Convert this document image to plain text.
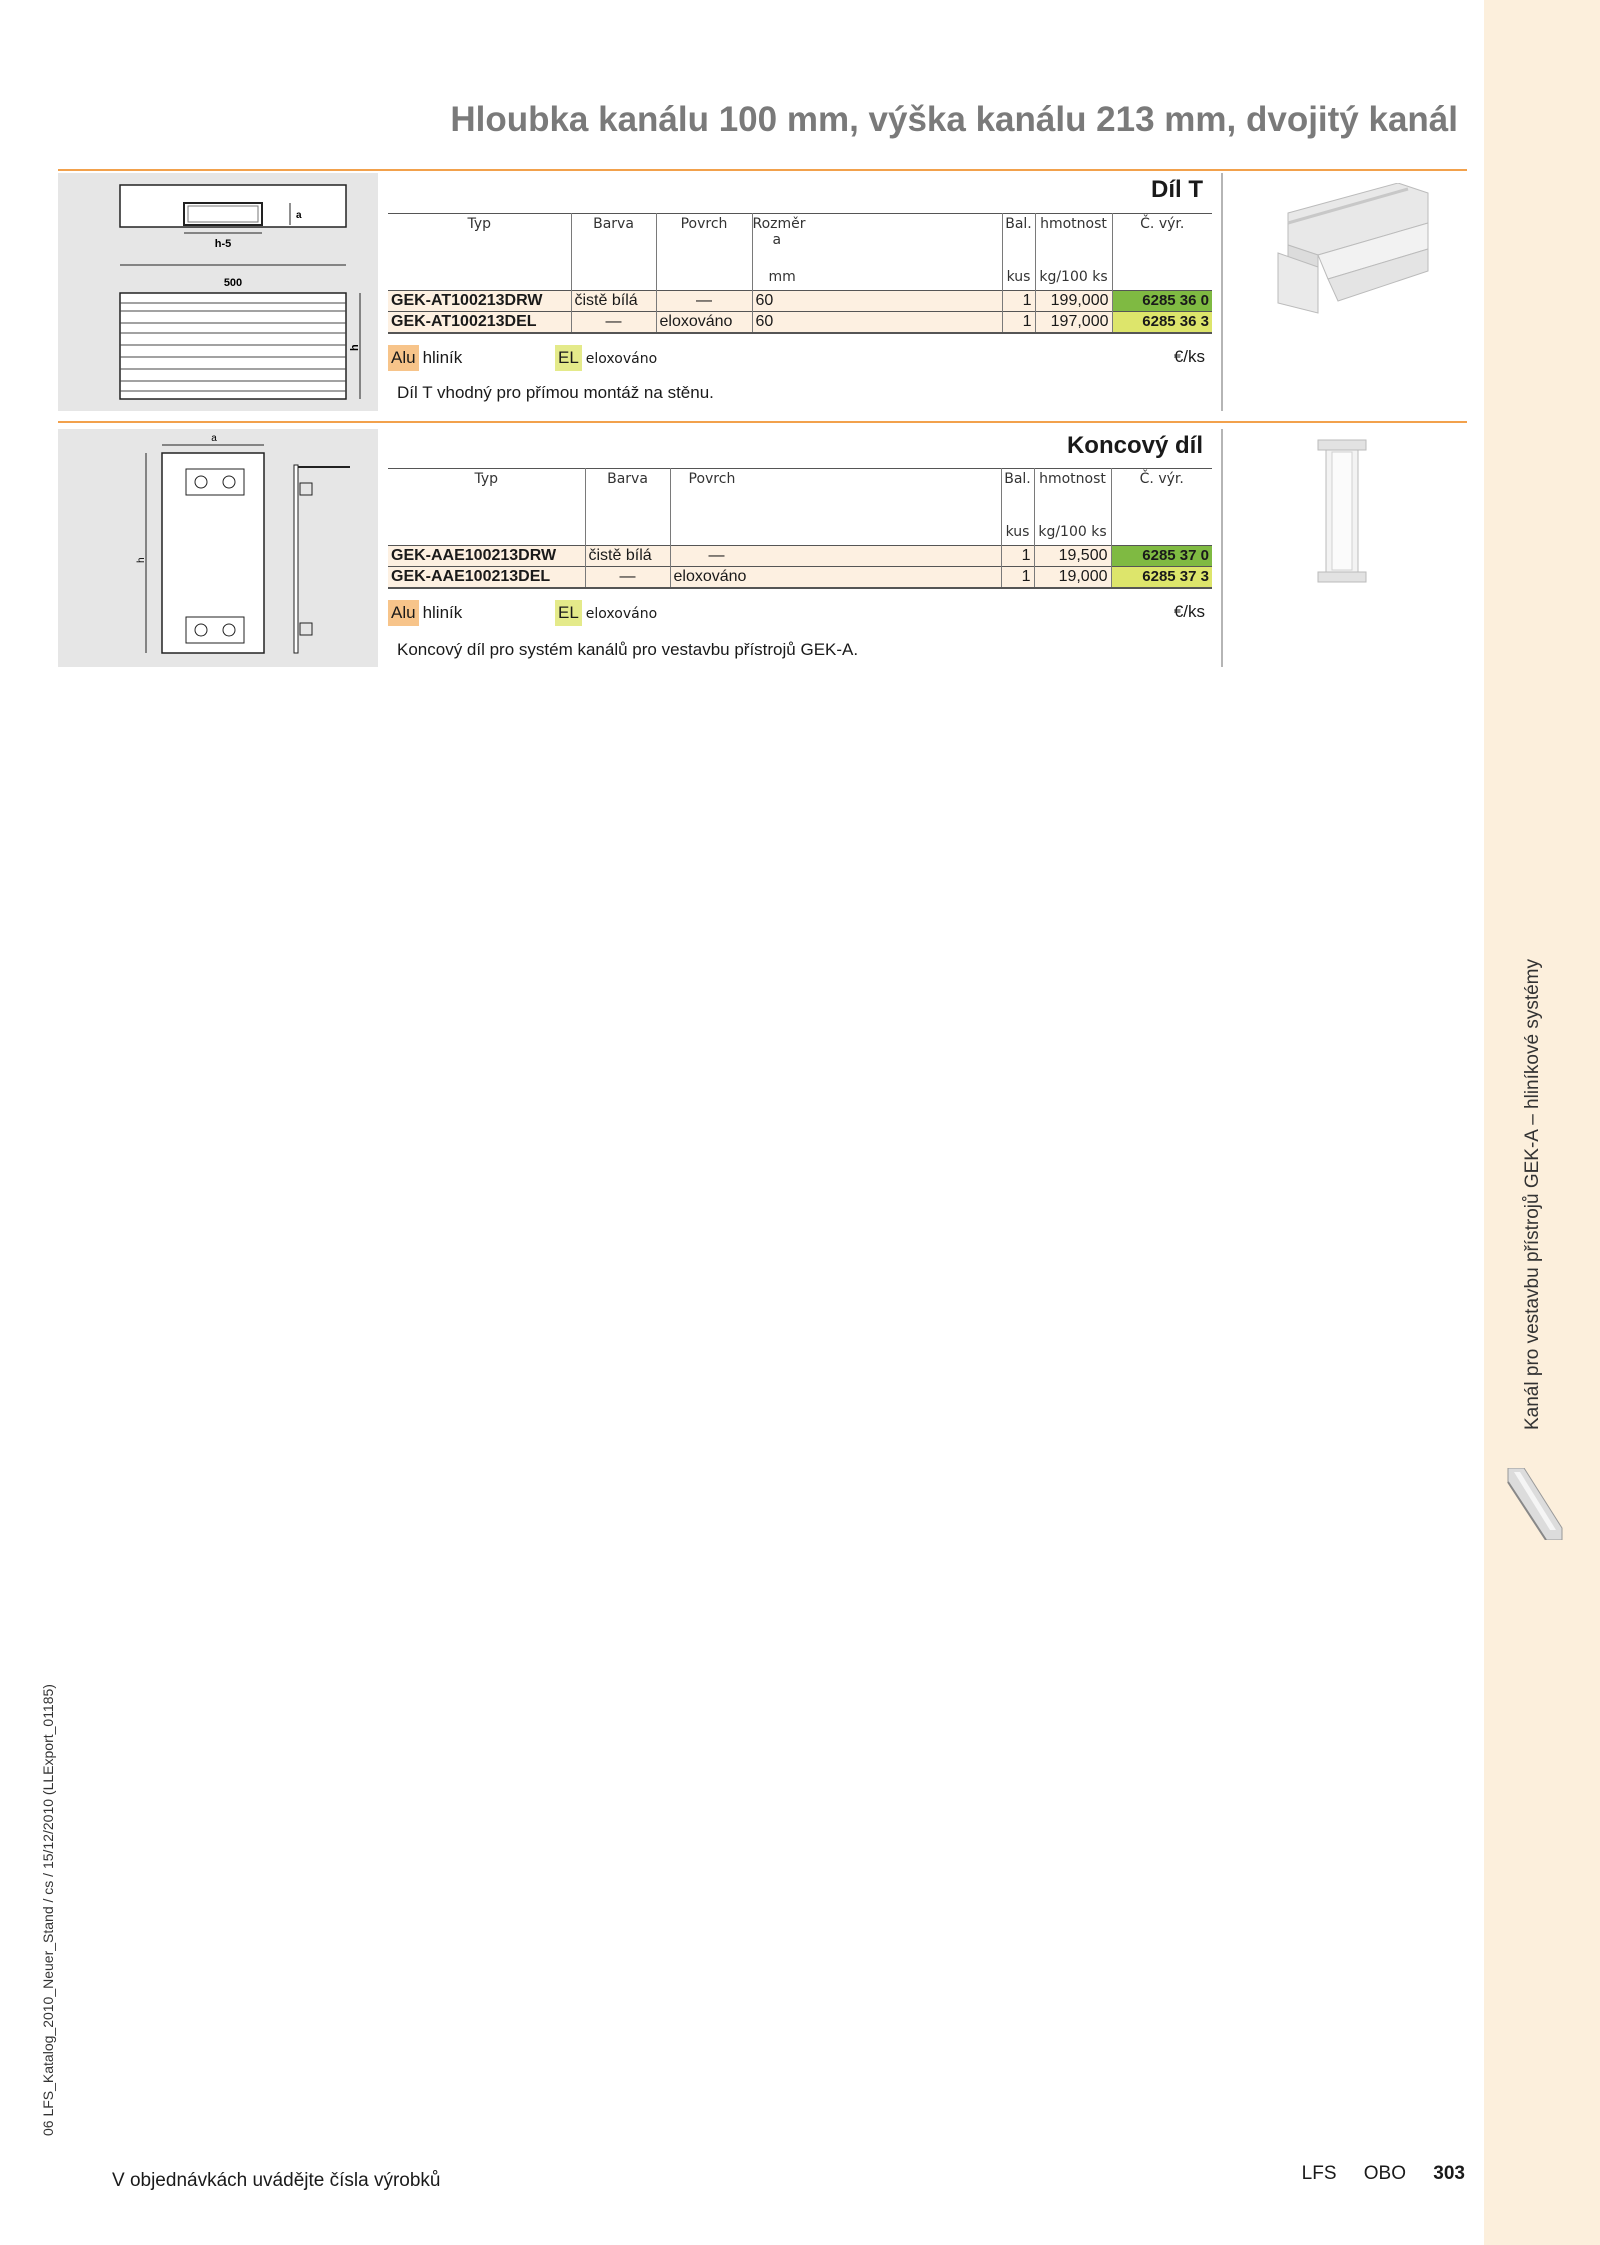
Kanál pro vestavbu přístrojů GEK-A – hliníkové systémy
Hloubka kanálu 100 mm, výška kanálu 213 mm, dvojitý kanál
a
h-5
500
h
Díl T
Typ	Barva	Povrch	Rozměr
a	Bal.	hmotnost	Č. výr.
			mm	kus	kg/100 ks	
GEK-AT100213DRW	čistě bílá	—	60	1	199,000	6285 36 0
GEK-AT100213DEL	—	eloxováno	60	1	197,000	6285 36 3
Alu hliník	EL eloxováno	€/ks
Díl T vhodný pro přímou montáž na stěnu.
a
h
Koncový díl
Typ	Barva	Povrch	Bal.	hmotnost	Č. výr.
			kus	kg/100 ks	
GEK-AAE100213DRW	čistě bílá	—	1	19,500	6285 37 0
GEK-AAE100213DEL	—	eloxováno	1	19,000	6285 37 3
Alu hliník	EL eloxováno	€/ks
Koncový díl pro systém kanálů pro vestavbu přístrojů GEK-A.
V objednávkách uvádějte čísla výrobků	LFS OBO 303
06 LFS_Katalog_2010_Neuer_Stand / cs / 15/12/2010 (LLExport_01185)
